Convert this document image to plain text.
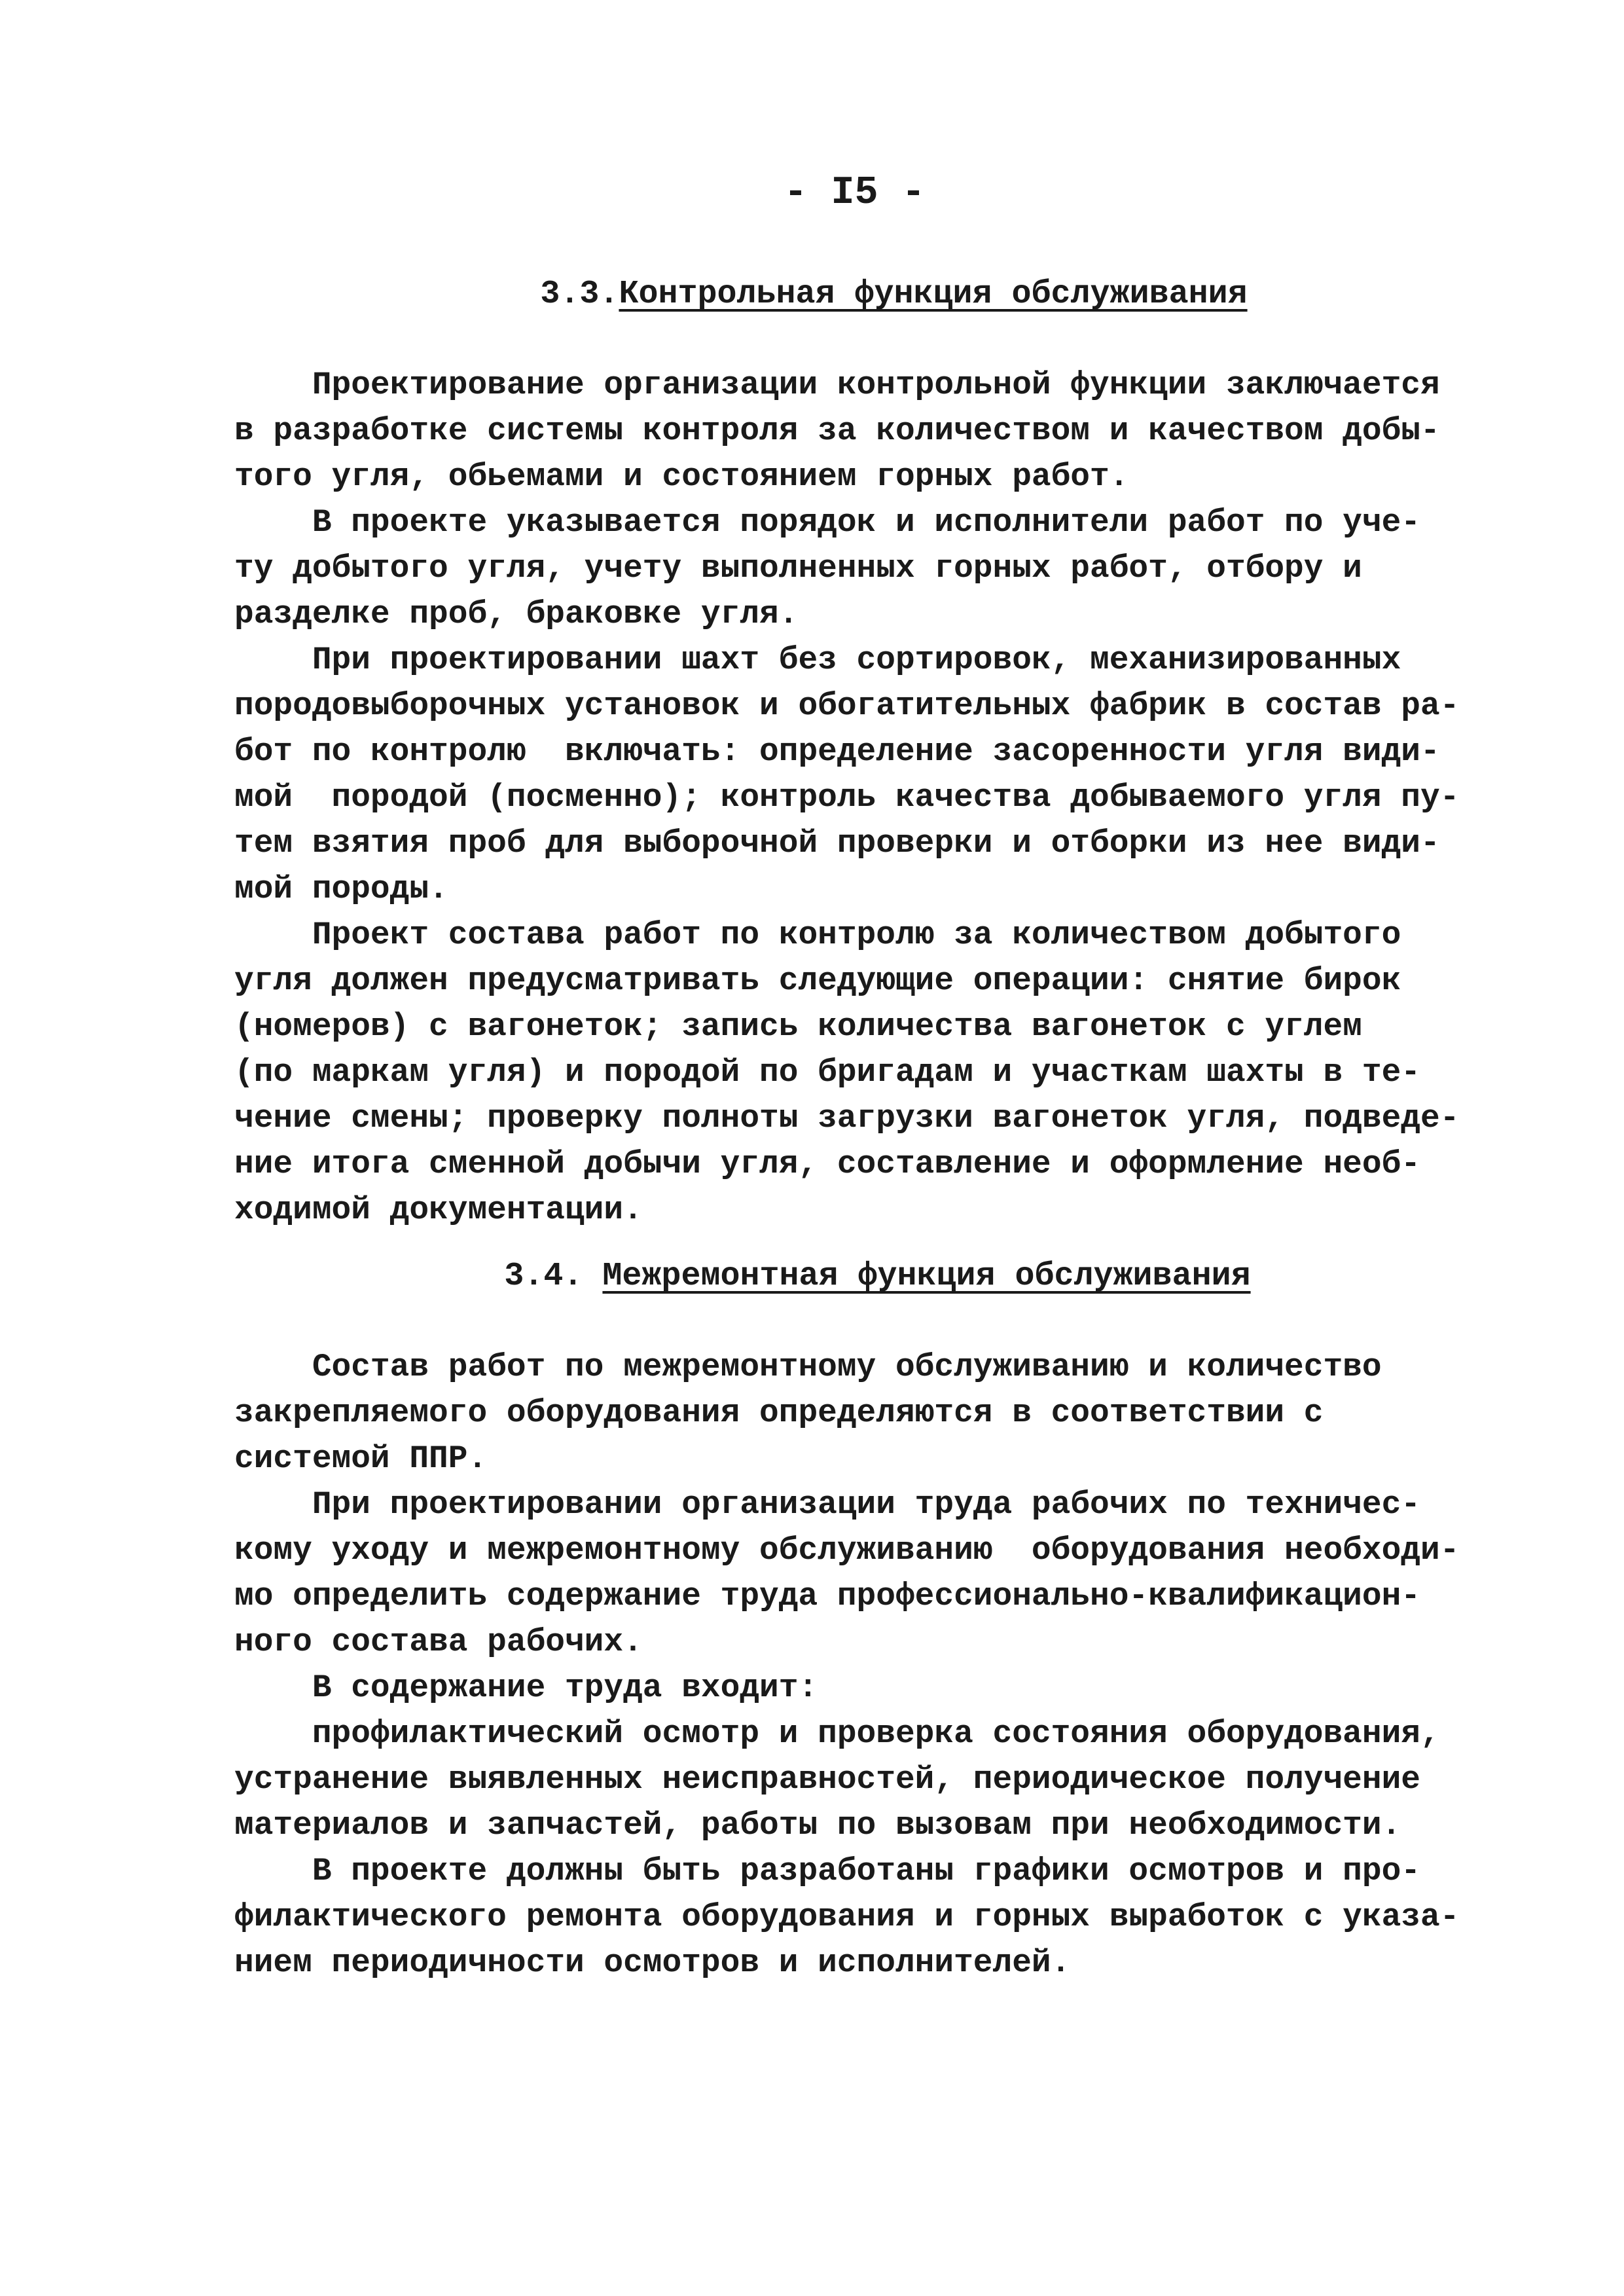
- I5 -
3.3.Контрольная функция обслуживания
Проектирование организации контрольной функции заключается
в разработке системы контроля за количеством и качеством добы-
того угля, обьемами и состоянием горных работ.
В проекте указывается порядок и исполнители работ по уче-
ту добытого угля, учету выполненных горных работ, отбору и
разделке проб, браковке угля.
При проектировании шахт без сортировок, механизированных
породовыборочных установок и обогатительных фабрик в состав ра-
бот по контролю  включать: определение засоренности угля види-
мой  породой (посменно); контроль качества добываемого угля пу-
тем взятия проб для выборочной проверки и отборки из нее види-
мой породы.
Проект состава работ по контролю за количеством добытого
угля должен предусматривать следующие операции: снятие бирок
(номеров) с вагонеток; запись количества вагонеток с углем
(по маркам угля) и породой по бригадам и участкам шахты в те-
чение смены; проверку полноты загрузки вагонеток угля, подведе-
ние итога сменной добычи угля, составление и оформление необ-
ходимой документации.
3.4. Межремонтная функция обслуживания
Состав работ по межремонтному обслуживанию и количество
закрепляемого оборудования определяются в соответствии с
системой ППР.
При проектировании организации труда рабочих по техничес-
кому уходу и межремонтному обслуживанию  оборудования необходи-
мо определить содержание труда профессионально-квалификацион-
ного состава рабочих.
В содержание труда входит:
профилактический осмотр и проверка состояния оборудования,
устранение выявленных неисправностей, периодическое получение
материалов и запчастей, работы по вызовам при необходимости.
В проекте должны быть разработаны графики осмотров и про-
филактического ремонта оборудования и горных выработок с указа-
нием периодичности осмотров и исполнителей.
